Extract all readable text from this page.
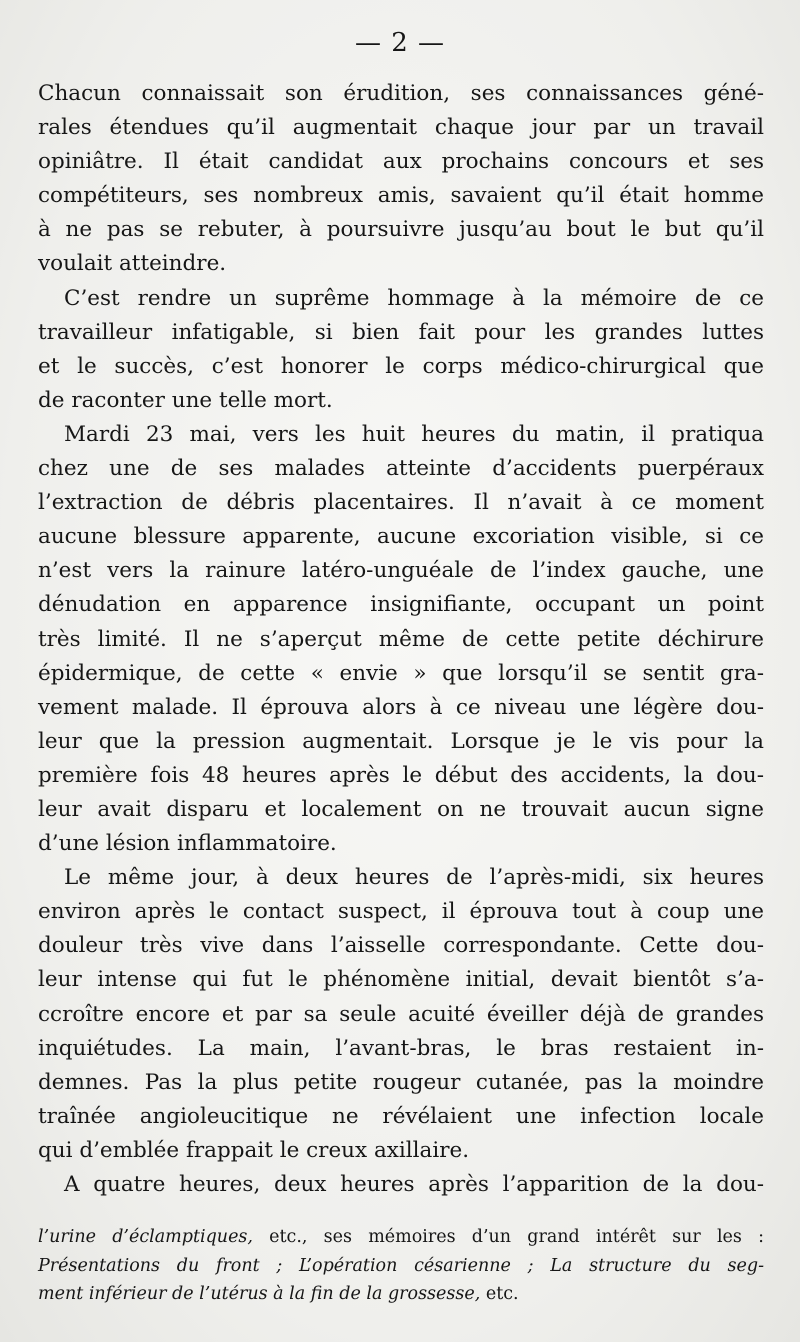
— 2 —
Chacun connaissait son érudition, ses connaissances géné-
rales étendues qu’il augmentait chaque jour par un travail
opiniâtre. Il était candidat aux prochains concours et ses
compétiteurs, ses nombreux amis, savaient qu’il était homme
à ne pas se rebuter, à poursuivre jusqu’au bout le but qu’il
voulait atteindre.
C’est rendre un suprême hommage à la mémoire de ce
travailleur infatigable, si bien fait pour les grandes luttes
et le succès, c’est honorer le corps médico-chirurgical que
de raconter une telle mort.
Mardi 23 mai, vers les huit heures du matin, il pratiqua
chez une de ses malades atteinte d’accidents puerpéraux
l’extraction de débris placentaires. Il n’avait à ce moment
aucune blessure apparente, aucune excoriation visible, si ce
n’est vers la rainure latéro-unguéale de l’index gauche, une
dénudation en apparence insignifiante, occupant un point
très limité. Il ne s’aperçut même de cette petite déchirure
épidermique, de cette « envie » que lorsqu’il se sentit gra-
vement malade. Il éprouva alors à ce niveau une légère dou-
leur que la pression augmentait. Lorsque je le vis pour la
première fois 48 heures après le début des accidents, la dou-
leur avait disparu et localement on ne trouvait aucun signe
d’une lésion inflammatoire.
Le même jour, à deux heures de l’après-midi, six heures
environ après le contact suspect, il éprouva tout à coup une
douleur très vive dans l’aisselle correspondante. Cette dou-
leur intense qui fut le phénomène initial, devait bientôt s’a-
ccroître encore et par sa seule acuité éveiller déjà de grandes
inquiétudes. La main, l’avant-bras, le bras restaient in-
demnes. Pas la plus petite rougeur cutanée, pas la moindre
traînée angioleucitique ne révélaient une infection locale
qui d’emblée frappait le creux axillaire.
A quatre heures, deux heures après l’apparition de la dou-
l’urine d’éclamptiques, etc., ses mémoires d’un grand intérêt sur les :
Présentations du front ; L’opération césarienne ; La structure du seg-
ment inférieur de l’utérus à la fin de la grossesse, etc.
